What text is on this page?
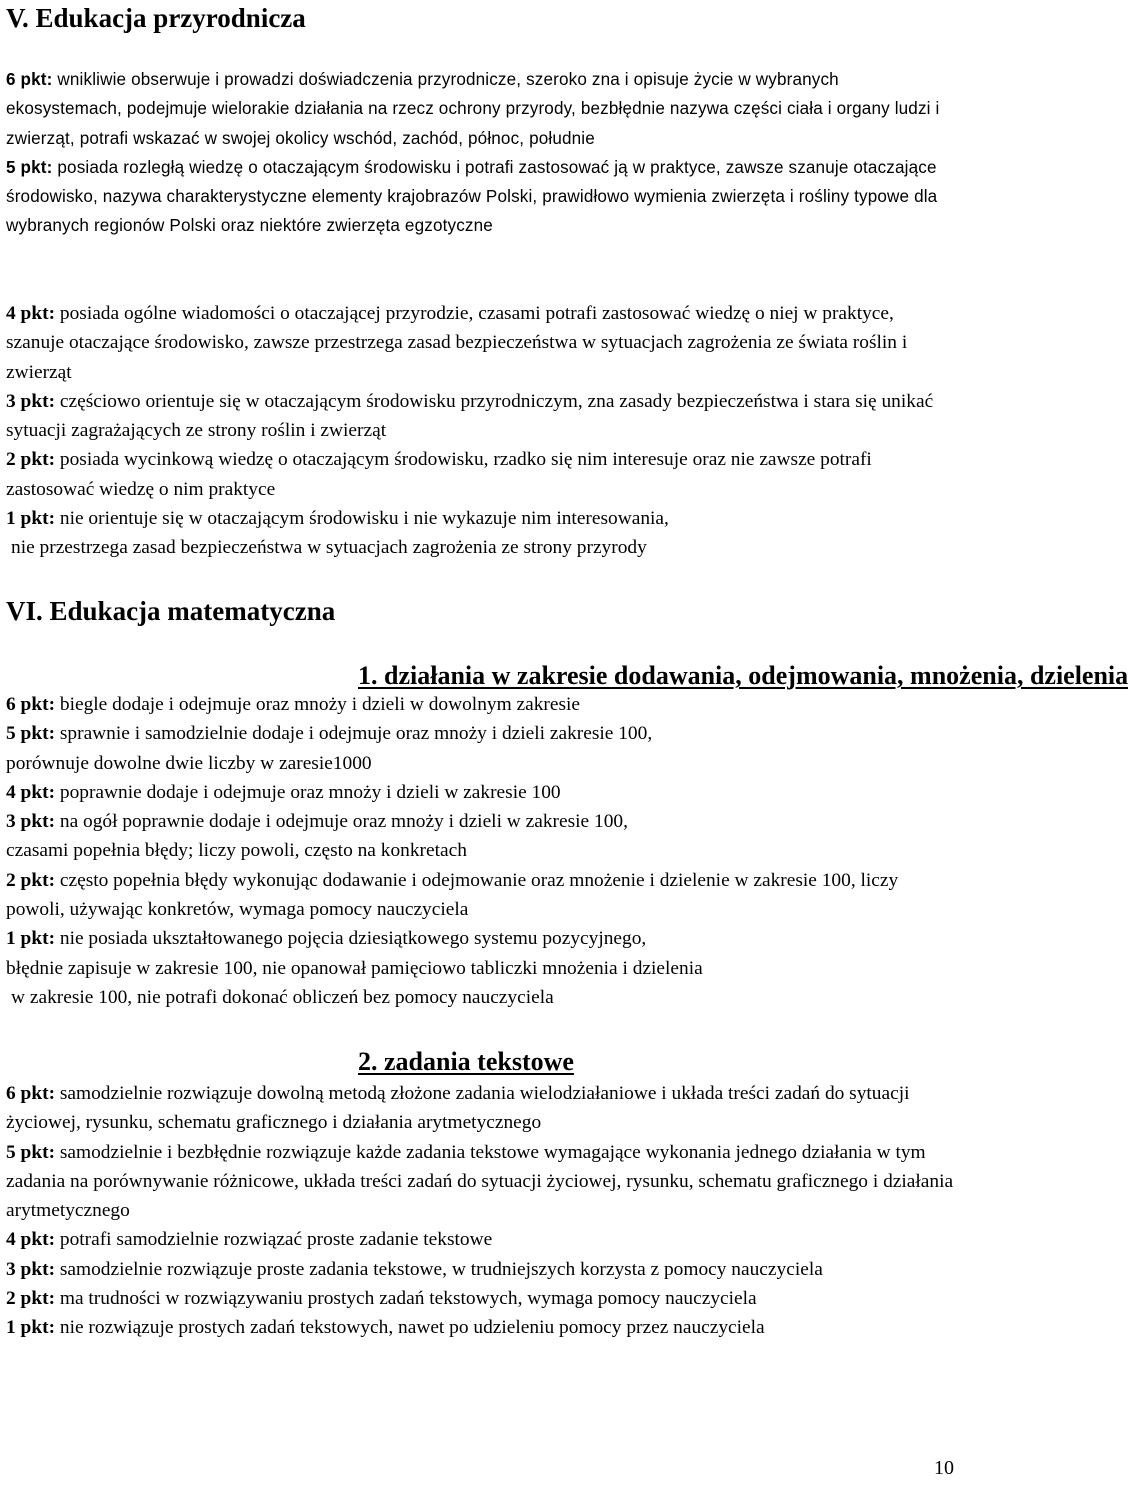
V. Edukacja przyrodnicza

6 pkt: wnikliwie obserwuje i prowadzi doświadczenia przyrodnicze, szeroko zna i opisuje życie w wybranych ekosystemach, podejmuje wielorakie działania na rzecz ochrony przyrody, bezbłędnie nazywa części ciała i organy ludzi i zwierząt, potrafi wskazać w swojej okolicy wschód, zachód, północ, południe

5 pkt: posiada rozległą wiedzę o otaczającym środowisku i potrafi zastosować ją w praktyce, zawsze szanuje otaczające środowisko, nazywa charakterystyczne elementy krajobrazów Polski, prawidłowo wymienia zwierzęta i rośliny typowe dla wybranych regionów Polski oraz niektóre zwierzęta egzotyczne

4 pkt: posiada ogólne wiadomości o otaczającej przyrodzie, czasami potrafi zastosować wiedzę o niej w praktyce, szanuje otaczające środowisko, zawsze przestrzega zasad bezpieczeństwa w sytuacjach zagrożenia ze świata roślin i zwierząt

3 pkt: częściowo orientuje się w otaczającym środowisku przyrodniczym, zna zasady bezpieczeństwa i stara się unikać sytuacji zagrażających ze strony roślin i zwierząt

2 pkt: posiada wycinkową wiedzę o otaczającym środowisku, rzadko się nim interesuje oraz nie zawsze potrafi zastosować wiedzę o nim praktyce

1 pkt: nie orientuje się w otaczającym środowisku i nie wykazuje nim interesowania,

nie przestrzega zasad bezpieczeństwa w sytuacjach zagrożenia ze strony przyrody

VI. Edukacja matematyczna
1. działania w zakresie dodawania, odejmowania, mnożenia, dzielenia

6 pkt: biegle dodaje i odejmuje oraz mnoży i dzieli w dowolnym zakresie

5 pkt: sprawnie i samodzielnie dodaje i odejmuje oraz mnoży i dzieli zakresie 100,

porównuje dowolne dwie liczby w zaresie1000

4 pkt: poprawnie dodaje i odejmuje oraz mnoży i dzieli w zakresie 100

3 pkt: na ogół poprawnie dodaje i odejmuje oraz mnoży i dzieli w zakresie 100,

czasami popełnia błędy; liczy powoli, często na konkretach

2 pkt: często popełnia błędy wykonując dodawanie i odejmowanie oraz mnożenie i dzielenie w zakresie 100, liczy powoli, używając konkretów, wymaga pomocy nauczyciela

1 pkt: nie posiada ukształtowanego pojęcia dziesiątkowego systemu pozycyjnego,

błędnie zapisuje w zakresie 100, nie opanował pamięciowo tabliczki mnożenia i dzielenia

w zakresie 100, nie potrafi dokonać obliczeń bez pomocy nauczyciela

2. zadania tekstowe

6 pkt: samodzielnie rozwiązuje dowolną metodą złożone zadania wielodziałaniowe i układa treści zadań do sytuacji życiowej, rysunku, schematu graficznego i działania arytmetycznego

5 pkt: samodzielnie i bezbłędnie rozwiązuje każde zadania tekstowe wymagające wykonania jednego działania w tym zadania na porównywanie różnicowe, układa treści zadań do sytuacji życiowej, rysunku, schematu graficznego i działania arytmetycznego

4 pkt: potrafi samodzielnie rozwiązać proste zadanie tekstowe

3 pkt: samodzielnie rozwiązuje proste zadania tekstowe, w trudniejszych korzysta z pomocy nauczyciela

2 pkt: ma trudności w rozwiązywaniu prostych zadań tekstowych, wymaga pomocy nauczyciela

1 pkt: nie rozwiązuje prostych zadań tekstowych, nawet po udzieleniu pomocy przez nauczyciela

10
